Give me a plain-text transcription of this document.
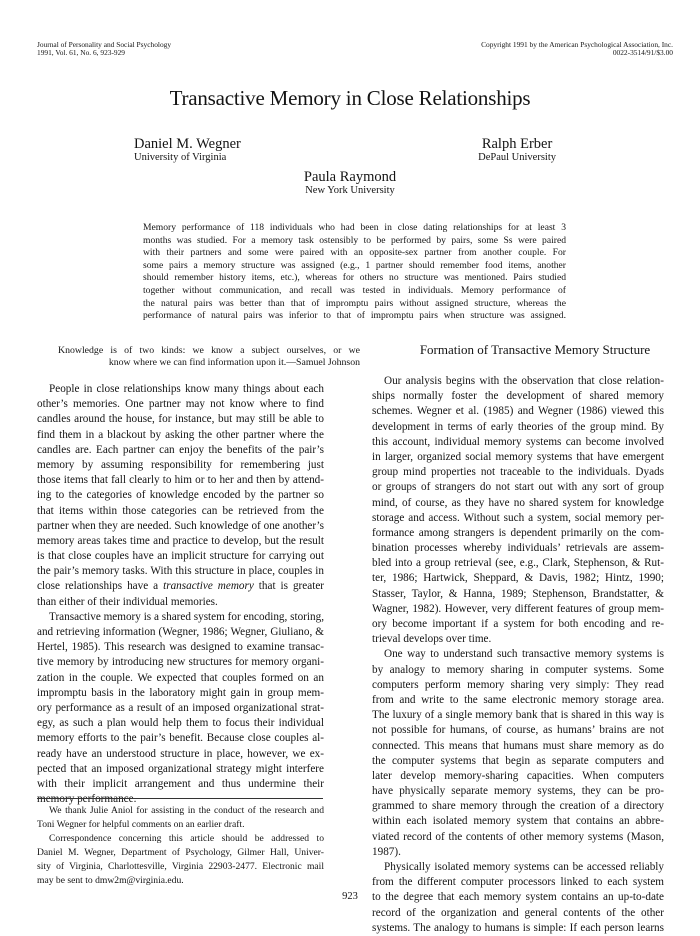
Journal of Personality and Social Psychology
1991, Vol. 61, No. 6, 923-929
Copyright 1991 by the American Psychological Association, Inc.
0022-3514/91/$3.00
Transactive Memory in Close Relationships
Daniel M. Wegner
University of Virginia
Ralph Erber
DePaul University
Paula Raymond
New York University
Memory performance of 118 individuals who had been in close dating relationships for at least 3
months was studied. For a memory task ostensibly to be performed by pairs, some Ss were paired
with their partners and some were paired with an opposite-sex partner from another couple. For
some pairs a memory structure was assigned (e.g., 1 partner should remember food items, another
should remember history items, etc.), whereas for others no structure was mentioned. Pairs studied
together without communication, and recall was tested in individuals. Memory performance of
the natural pairs was better than that of impromptu pairs without assigned structure, whereas the
performance of natural pairs was inferior to that of impromptu pairs when structure was assigned.
Knowledge is of two kinds: we know a subject ourselves, or we
know where we can find information upon it.—Samuel Johnson
People in close relationships know many things about each
other’s memories. One partner may not know where to find
candles around the house, for instance, but may still be able to
find them in a blackout by asking the other partner where the
candles are. Each partner can enjoy the benefits of the pair’s
memory by assuming responsibility for remembering just
those items that fall clearly to him or to her and then by attend-
ing to the categories of knowledge encoded by the partner so
that items within those categories can be retrieved from the
partner when they are needed. Such knowledge of one another’s
memory areas takes time and practice to develop, but the result
is that close couples have an implicit structure for carrying out
the pair’s memory tasks. With this structure in place, couples in
close relationships have a transactive memory that is greater
than either of their individual memories.
Transactive memory is a shared system for encoding, storing,
and retrieving information (Wegner, 1986; Wegner, Giuliano, &
Hertel, 1985). This research was designed to examine transac-
tive memory by introducing new structures for memory organi-
zation in the couple. We expected that couples formed on an
impromptu basis in the laboratory might gain in group mem-
ory performance as a result of an imposed organizational strat-
egy, as such a plan would help them to focus their individual
memory efforts to the pair’s benefit. Because close couples al-
ready have an understood structure in place, however, we ex-
pected that an imposed organizational strategy might interfere
with their implicit arrangement and thus undermine their
memory performance.
We thank Julie Aniol for assisting in the conduct of the research and
Toni Wegner for helpful comments on an earlier draft.
Correspondence concerning this article should be addressed to
Daniel M. Wegner, Department of Psychology, Gilmer Hall, Univer-
sity of Virginia, Charlottesville, Virginia 22903-2477. Electronic mail
may be sent to dmw2m@virginia.edu.
Formation of Transactive Memory Structure
Our analysis begins with the observation that close relation-
ships normally foster the development of shared memory
schemes. Wegner et al. (1985) and Wegner (1986) viewed this
development in terms of early theories of the group mind. By
this account, individual memory systems can become involved
in larger, organized social memory systems that have emergent
group mind properties not traceable to the individuals. Dyads
or groups of strangers do not start out with any sort of group
mind, of course, as they have no shared system for knowledge
storage and access. Without such a system, social memory per-
formance among strangers is dependent primarily on the com-
bination processes whereby individuals’ retrievals are assem-
bled into a group retrieval (see, e.g., Clark, Stephenson, & Rut-
ter, 1986; Hartwick, Sheppard, & Davis, 1982; Hintz, 1990;
Stasser, Taylor, & Hanna, 1989; Stephenson, Brandstatter, &
Wagner, 1982). However, very different features of group mem-
ory become important if a system for both encoding and re-
trieval develops over time.
One way to understand such transactive memory systems is
by analogy to memory sharing in computer systems. Some
computers perform memory sharing very simply: They read
from and write to the same electronic memory storage area.
The luxury of a single memory bank that is shared in this way is
not possible for humans, of course, as humans’ brains are not
connected. This means that humans must share memory as do
the computer systems that begin as separate computers and
later develop memory-sharing capacities. When computers
have physically separate memory systems, they can be pro-
grammed to share memory through the creation of a directory
within each isolated memory system that contains an abbre-
viated record of the contents of other memory systems (Mason,
1987).
Physically isolated memory systems can be accessed reliably
from the different computer processors linked to each system
to the degree that each memory system contains an up-to-date
record of the organization and general contents of the other
systems. The analogy to humans is simple: If each person learns
923
